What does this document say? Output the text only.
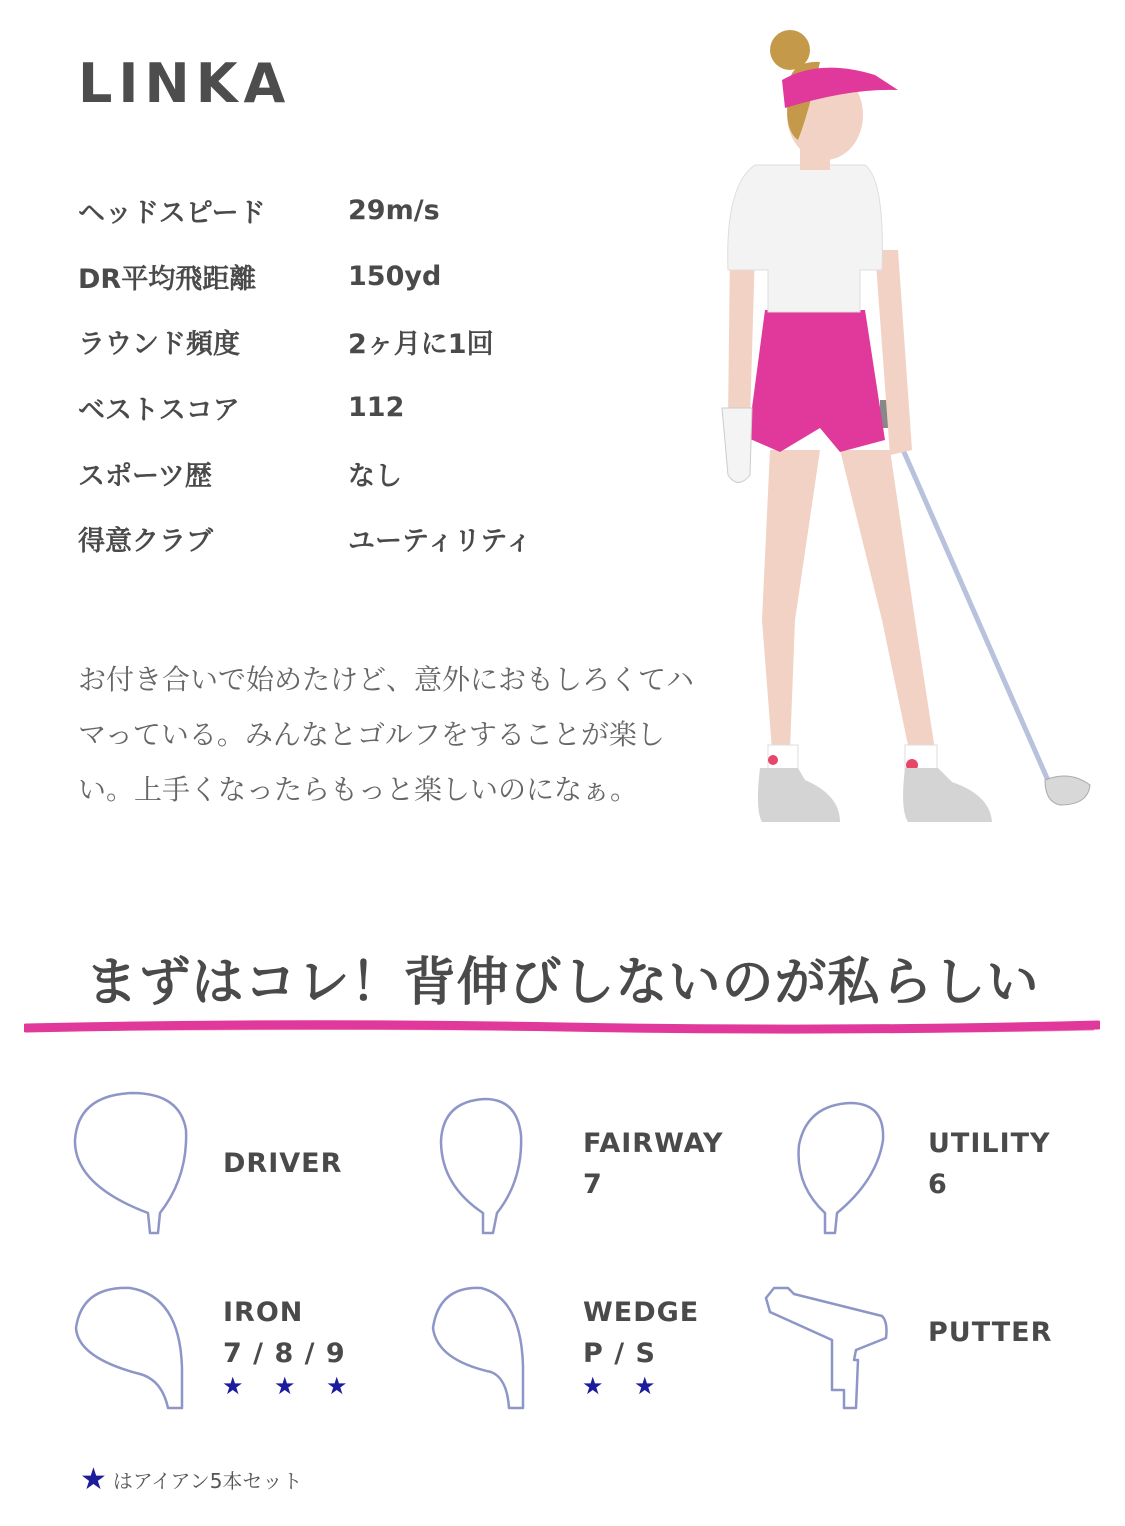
LINKA
ヘッドスピード	29m/s
DR平均飛距離	150yd
ラウンド頻度	2ヶ月に1回
ベストスコア	112
スポーツ歴	なし
得意クラブ	ユーティリティ

お付き合いで始めたけど、意外におもしろくてハマっている。みんなとゴルフをすることが楽しい。上手くなったらもっと楽しいのになぁ。

まずはコレ！背伸びしないのが私らしい
DRIVER
FAIRWAY
7
UTILITY
6
IRON
7 / 8 / 9
★ ★ ★
WEDGE
P / S
★ ★
PUTTER
★ はアイアン5本セット
